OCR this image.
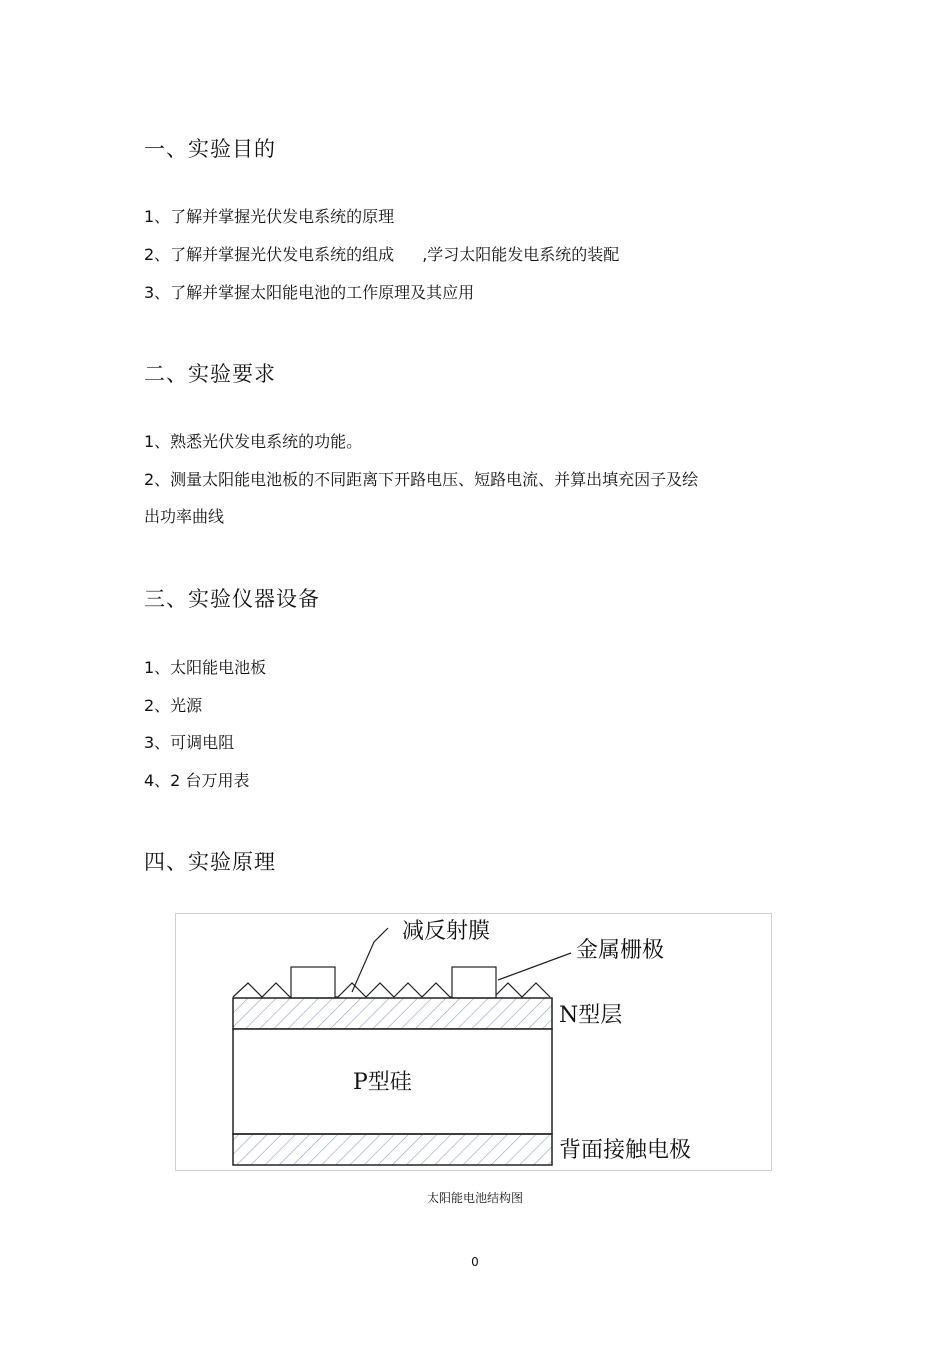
一、实验目的

1、了解并掌握光伏发电系统的原理

2、了解并掌握光伏发电系统的组成 ,学习太阳能发电系统的装配

3、了解并掌握太阳能电池的工作原理及其应用

二、实验要求

1、熟悉光伏发电系统的功能。

2、测量太阳能电池板的不同距离下开路电压、短路电流、并算出填充因子及绘

出功率曲线

三、实验仪器设备

1、太阳能电池板

2、光源

3、可调电阻

4、2 台万用表

四、实验原理
减反射膜
金属栅极
N型层
P型硅
背面接触电极
太阳能电池结构图
0
